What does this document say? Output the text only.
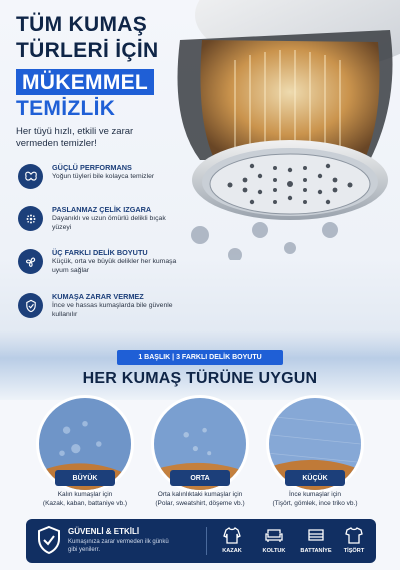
TÜM KUMAŞ
TÜRLERİ İÇİN
MÜKEMMEL
TEMİZLİK
Her tüyü hızlı, etkili ve zarar vermeden temizler!
GÜÇLÜ PERFORMANS
Yoğun tüyleri bile kolayca temizler
PASLANMAZ ÇELİK IZGARA
Dayanıklı ve uzun ömürlü delikli bıçak yüzeyi
ÜÇ FARKLI DELİK BOYUTU
Küçük, orta ve büyük delikler her kumaşa uyum sağlar
KUMAŞA ZARAR VERMEZ
İnce ve hassas kumaşlarda bile güvenle kullanılır
1 BAŞLIK | 3 FARKLI DELİK BOYUTU
HER KUMAŞ TÜRÜNE UYGUN
BÜYÜK	ORTA	KÜÇÜK
Kalın kumaşlar için
(Kazak, kaban, battaniye vb.)
Orta kalınlıktaki kumaşlar için
(Polar, sweatshirt, döşeme vb.)
İnce kumaşlar için
(Tişört, gömlek, ince triko vb.)
GÜVENLİ & ETKİLİ
Kumaşınıza zarar vermeden ilk günkü gibi yenilerr.	KAZAK	KOLTUK	BATTANİYE	TİŞÖRT
